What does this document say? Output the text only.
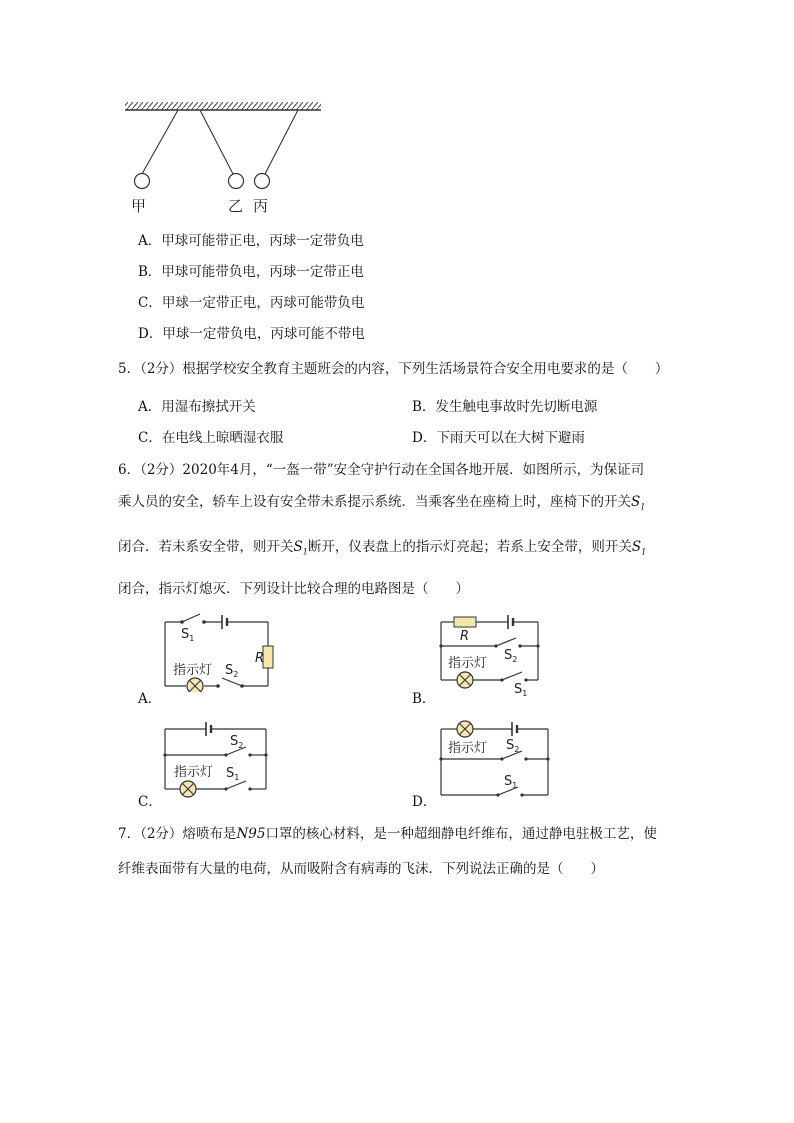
甲	乙 丙
A．甲球可能带正电，丙球一定带负电
B．甲球可能带负电，丙球一定带正电
C．甲球一定带正电，丙球可能带负电
D．甲球一定带负电，丙球可能不带电
5．（2分）根据学校安全教育主题班会的内容，下列生活场景符合安全用电要求的是（　　）
A．用湿布擦拭开关	B．发生触电事故时先切断电源
C．在电线上晾晒湿衣服	D．下雨天可以在大树下避雨
6．（2分）2020年4月，“一盔一带”安全守护行动在全国各地开展．如图所示，为保证司
乘人员的安全，轿车上设有安全带未系提示系统．当乘客坐在座椅上时，座椅下的开关$S_1$
闭合．若未系安全带，则开关$S_1$断开，仪表盘上的指示灯亮起；若系上安全带，则开关$S_1$
闭合，指示灯熄灭．下列设计比较合理的电路图是（　　）
A．
$S_1$
R
指示灯 $S_2$
B．
R
$S_2$
指示灯
$S_1$
C．
$S_2$
指示灯 $S_1$
D．
指示灯 $S_2$
$S_1$
7．（2分）熔喷布是N95口罩的核心材料，是一种超细静电纤维布，通过静电驻极工艺，使
纤维表面带有大量的电荷，从而吸附含有病毒的飞沫．下列说法正确的是（　　）
